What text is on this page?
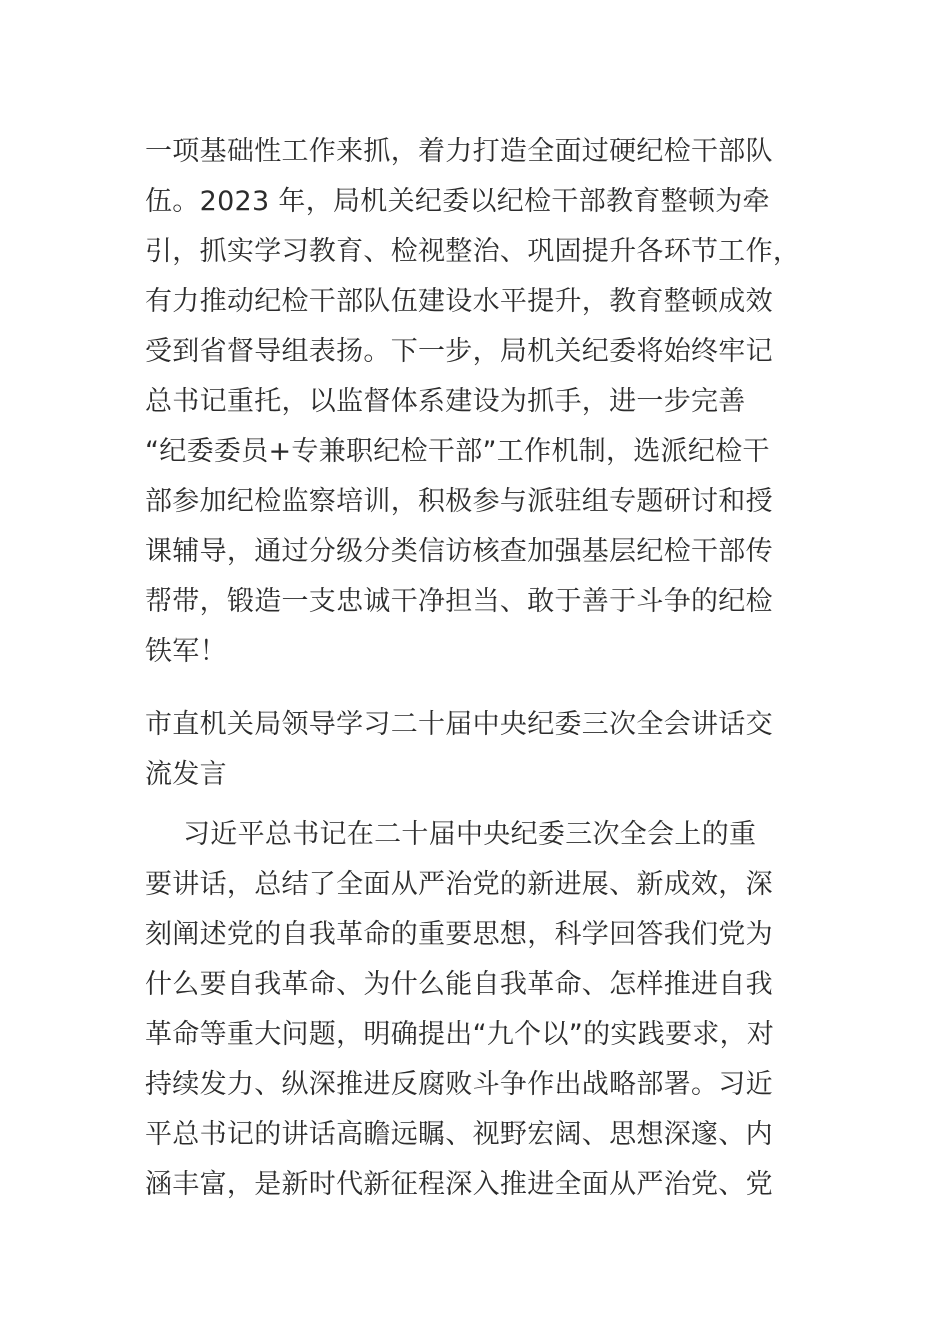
一项基础性工作来抓，着力打造全面过硬纪检干部队
伍。2023 年，局机关纪委以纪检干部教育整顿为牵
引，抓实学习教育、检视整治、巩固提升各环节工作，
有力推动纪检干部队伍建设水平提升，教育整顿成效
受到省督导组表扬。下一步，局机关纪委将始终牢记
总书记重托，以监督体系建设为抓手，进一步完善
“纪委委员+专兼职纪检干部”工作机制，选派纪检干
部参加纪检监察培训，积极参与派驻组专题研讨和授
课辅导，通过分级分类信访核查加强基层纪检干部传
帮带，锻造一支忠诚干净担当、敢于善于斗争的纪检
铁军！
市直机关局领导学习二十届中央纪委三次全会讲话交
流发言
习近平总书记在二十届中央纪委三次全会上的重
要讲话，总结了全面从严治党的新进展、新成效，深
刻阐述党的自我革命的重要思想，科学回答我们党为
什么要自我革命、为什么能自我革命、怎样推进自我
革命等重大问题，明确提出“九个以”的实践要求，对
持续发力、纵深推进反腐败斗争作出战略部署。习近
平总书记的讲话高瞻远瞩、视野宏阔、思想深邃、内
涵丰富，是新时代新征程深入推进全面从严治党、党
